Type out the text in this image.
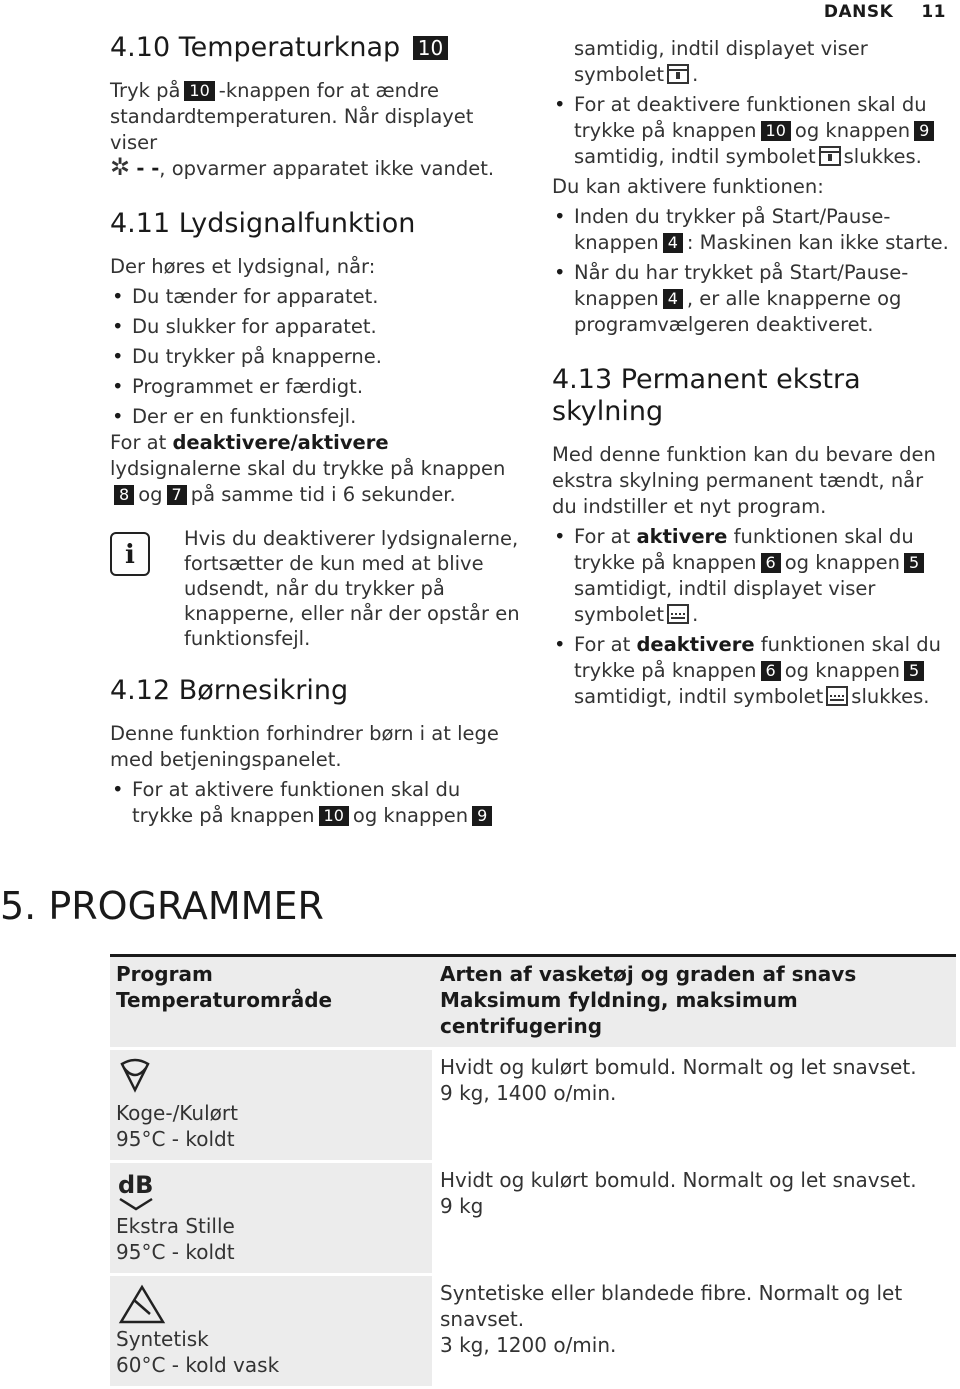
DANSK 11
4.10 Temperaturknap 10

Tryk på 10 -knappen for at ændre standardtemperaturen. Når displayet viser
✲ - -, opvarmer apparatet ikke vandet.

4.11 Lydsignalfunktion

Der høres et lydsignal, når:

• Du tænder for apparatet.
• Du slukker for apparatet.
• Du trykker på knapperne.
• Programmet er færdigt.
• Der er en funktionsfejl.

For at deaktivere/aktivere lydsignalerne skal du trykke på knappen8 og 7 på samme tid i 6 sekunder.

i
Hvis du deaktiverer lydsignalerne, fortsætter de kun med at blive udsendt, når du trykker på knapperne, eller når der opstår en funktionsfejl.
4.12 Børnesikring

Denne funktion forhindrer børn i at lege med betjeningspanelet.

• For at aktivere funktionen skal du trykke på knappen 10 og knappen 9

samtidig, indtil displayet viser symbolet .

• For at deaktivere funktionen skal du trykke på knappen 10 og knappen 9samtidig, indtil symbolet slukkes.

Du kan aktivere funktionen:

• Inden du trykker på Start/Pause-knappen 4 : Maskinen kan ikke starte.
• Når du har trykket på Start/Pause-knappen 4 , er alle knapperne og programvælgeren deaktiveret.
4.13 Permanent ekstra skylning

Med denne funktion kan du bevare den ekstra skylning permanent tændt, når du indstiller et nyt program.

• For at aktivere funktionen skal du trykke på knappen 6 og knappen 5samtidigt, indtil displayet viser symbolet .
• For at deaktivere funktionen skal du trykke på knappen 6 og knappen 5samtidigt, indtil symbolet slukkes.
5. PROGRAMMER
Program
Temperaturområde	Arten af vasketøj og graden af snavs
Maksimum fyldning, maksimum centrifugering

Koge-/Kulørt
95°C - koldt	Hvidt og kulørt bomuld. Normalt og let snavset.
9 kg, 1400 o/min.

dB
Ekstra Stille
95°C - koldt	Hvidt og kulørt bomuld. Normalt og let snavset.
9 kg

Syntetisk
60°C - kold vask	Syntetiske eller blandede fibre. Normalt og let snavset.
3 kg, 1200 o/min.
